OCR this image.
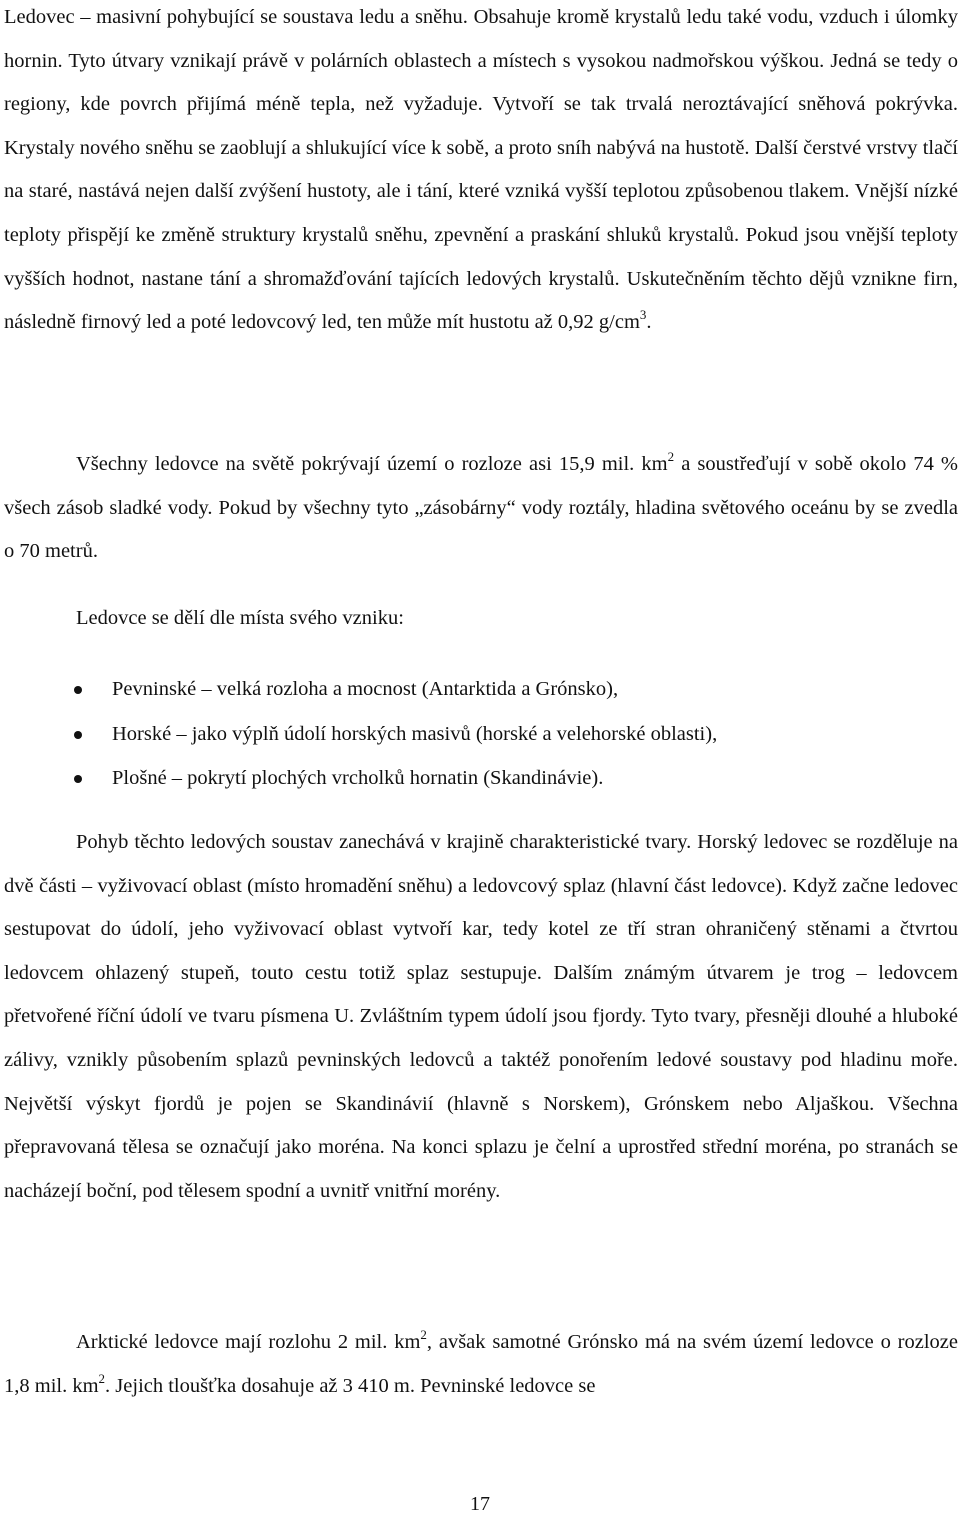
Ledovec – masivní pohybující se soustava ledu a sněhu. Obsahuje kromě krystalů ledu také vodu, vzduch i úlomky hornin. Tyto útvary vznikají právě v polárních oblastech a místech s vysokou nadmořskou výškou. Jedná se tedy o regiony, kde povrch přijímá méně tepla, než vyžaduje. Vytvoří se tak trvalá neroztávající sněhová pokrývka. Krystaly nového sněhu se zaoblují a shlukující více k sobě, a proto sníh nabývá na hustotě. Další čerstvé vrstvy tlačí na staré, nastává nejen další zvýšení hustoty, ale i tání, které vzniká vyšší teplotou způsobenou tlakem. Vnější nízké teploty přispějí ke změně struktury krystalů sněhu, zpevnění a praskání shluků krystalů. Pokud jsou vnější teploty vyšších hodnot, nastane tání a shromažďování tajících ledových krystalů. Uskutečněním těchto dějů vznikne firn, následně firnový led a poté ledovcový led, ten může mít hustotu až 0,92 $g/cm^3$.

Všechny ledovce na světě pokrývají území o rozloze asi 15,9 mil. $km^2$ a soustřeďují v sobě okolo 74 % všech zásob sladké vody. Pokud by všechny tyto „zásobárny“ vody roztály, hladina světového oceánu by se zvedla o 70 metrů.

Ledovce se dělí dle místa svého vzniku:

Pevninské – velká rozloha a mocnost (Antarktida a Grónsko),
Horské – jako výplň údolí horských masivů (horské a velehorské oblasti),
Plošné – pokrytí plochých vrcholků hornatin (Skandinávie).

Pohyb těchto ledových soustav zanechává v krajině charakteristické tvary. Horský ledovec se rozděluje na dvě části – vyživovací oblast (místo hromadění sněhu) a ledovcový splaz (hlavní část ledovce). Když začne ledovec sestupovat do údolí, jeho vyživovací oblast vytvoří kar, tedy kotel ze tří stran ohraničený stěnami a čtvrtou ledovcem ohlazený stupeň, touto cestu totiž splaz sestupuje. Dalším známým útvarem je trog – ledovcem přetvořené říční údolí ve tvaru písmena U. Zvláštním typem údolí jsou fjordy. Tyto tvary, přesněji dlouhé a hluboké zálivy, vznikly působením splazů pevninských ledovců a taktéž ponořením ledové soustavy pod hladinu moře. Největší výskyt fjordů je pojen se Skandinávií (hlavně s Norskem), Grónskem nebo Aljaškou. Všechna přepravovaná tělesa se označují jako moréna. Na konci splazu je čelní a uprostřed střední moréna, po stranách se nacházejí boční, pod tělesem spodní a uvnitř vnitřní morény.

Arktické ledovce mají rozlohu 2 mil. $km^2$, avšak samotné Grónsko má na svém území ledovce o rozloze 1,8 mil. $km^2$. Jejich tloušťka dosahuje až 3 410 m. Pevninské ledovce se

17
